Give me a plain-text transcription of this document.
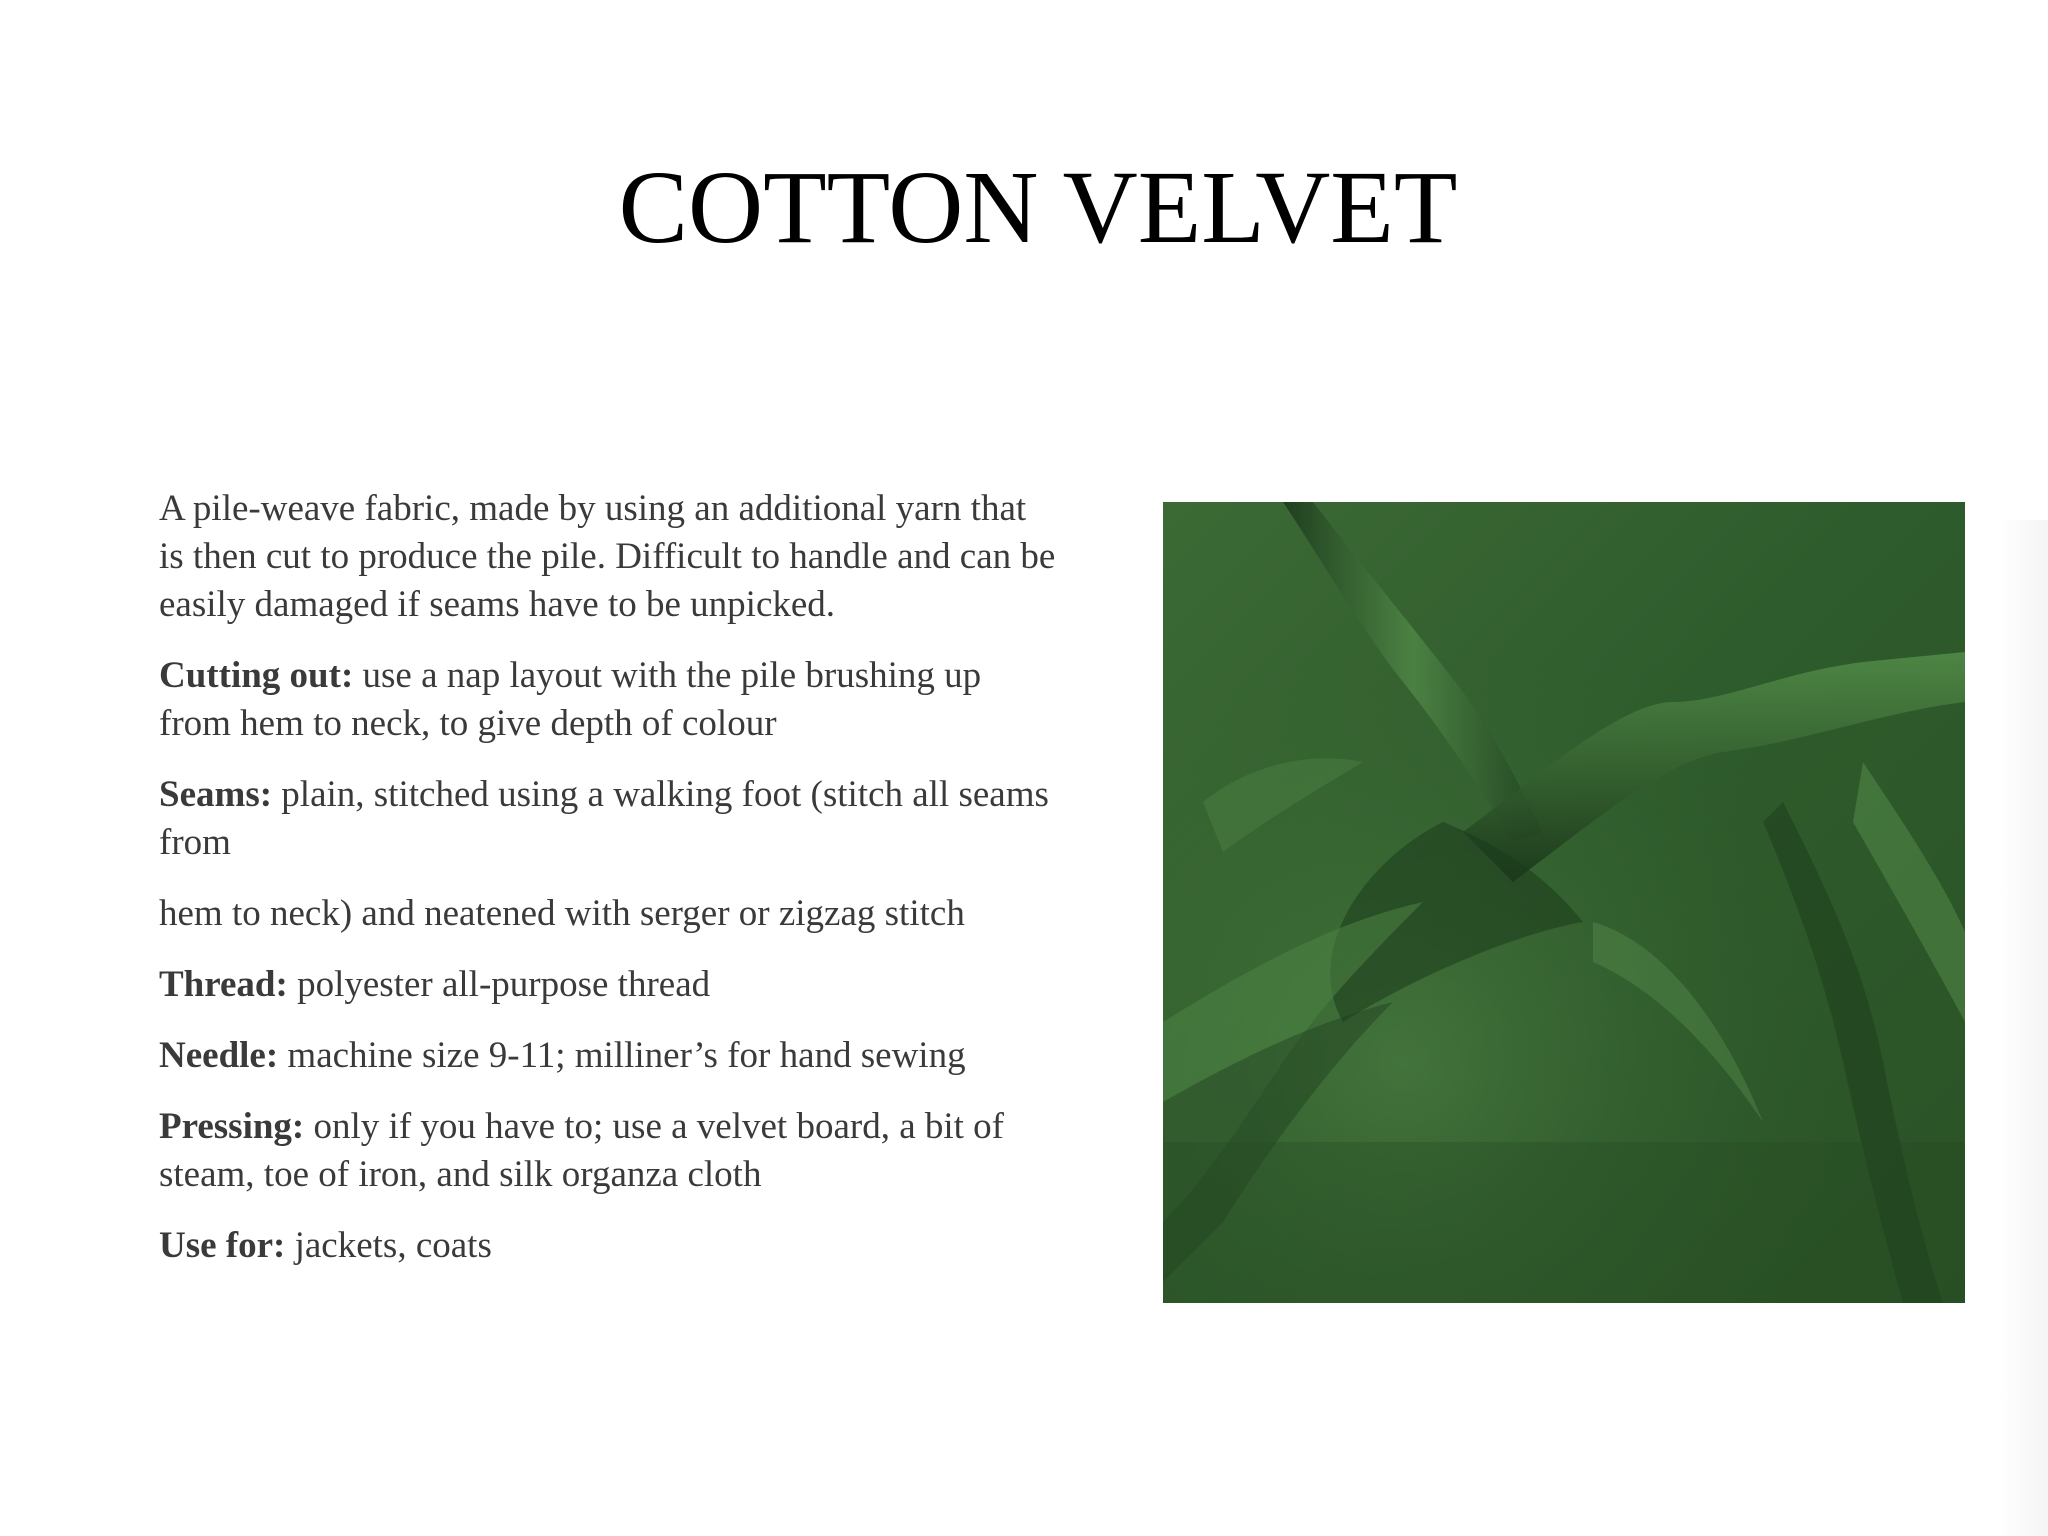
COTTON VELVET

A pile-weave fabric, made by using an additional yarn that is then cut to produce the pile. Difficult to handle and can be easily damaged if seams have to be unpicked.

Cutting out: use a nap layout with the pile brushing up from hem to neck, to give depth of colour

Seams: plain, stitched using a walking foot (stitch all seams from

hem to neck) and neatened with serger or zigzag stitch

Thread: polyester all-purpose thread

Needle: machine size 9-11; milliner’s for hand sewing

Pressing: only if you have to; use a velvet board, a bit of steam, toe of iron, and silk organza cloth

Use for: jackets, coats
